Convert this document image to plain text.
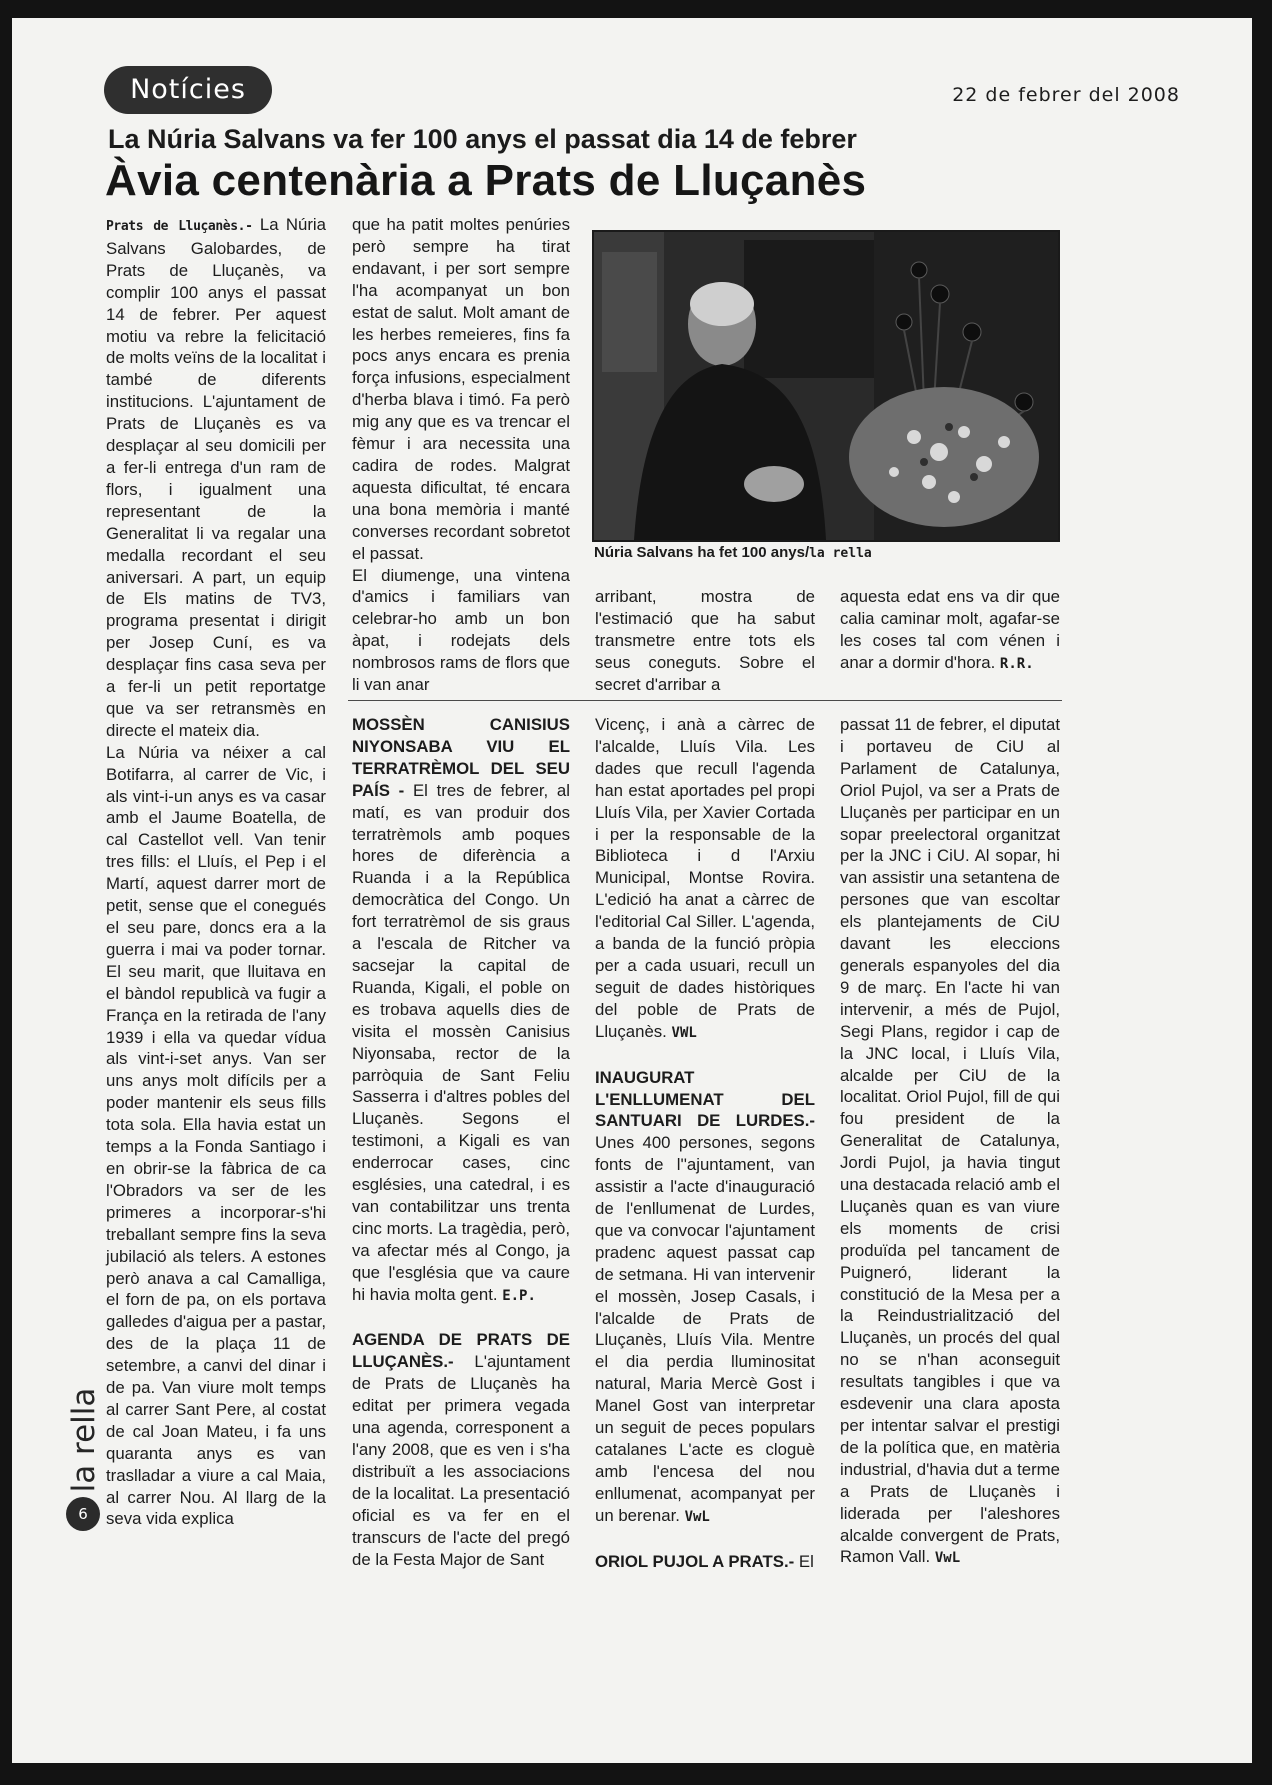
Notícies	22 de febrer del 2008
La Núria Salvans va fer 100 anys el passat dia 14 de febrer
Àvia centenària a Prats de Lluçanès

Prats de Lluçanès.- La Núria Salvans Galobardes, de Prats de Lluçanès, va complir 100 anys el passat 14 de febrer. Per aquest motiu va rebre la felicitació de molts veïns de la localitat i també de diferents institucions. L'ajuntament de Prats de Lluçanès es va desplaçar al seu domicili per a fer-li entrega d'un ram de flors, i igualment una representant de la Generalitat li va regalar una medalla recordant el seu aniversari. A part, un equip de Els matins de TV3, programa presentat i dirigit per Josep Cuní, es va desplaçar fins casa seva per a fer-li un petit reportatge que va ser retransmès en directe el mateix dia.

La Núria va néixer a cal Botifarra, al carrer de Vic, i als vint-i-un anys es va casar amb el Jaume Boatella, de cal Castellot vell. Van tenir tres fills: el Lluís, el Pep i el Martí, aquest darrer mort de petit, sense que el conegués el seu pare, doncs era a la guerra i mai va poder tornar. El seu marit, que lluitava en el bàndol republicà va fugir a França en la retirada de l'any 1939 i ella va quedar vídua als vint-i-set anys. Van ser uns anys molt difícils per a poder mantenir els seus fills tota sola. Ella havia estat un temps a la Fonda Santiago i en obrir-se la fàbrica de ca l'Obradors va ser de les primeres a incorporar-s'hi treballant sempre fins la seva jubilació als telers. A estones però anava a cal Camalliga, el forn de pa, on els portava galledes d'aigua per a pastar, des de la plaça 11 de setembre, a canvi del dinar i de pa. Van viure molt temps al carrer Sant Pere, al costat de cal Joan Mateu, i fa uns quaranta anys es van traslladar a viure a cal Maia, al carrer Nou. Al llarg de la seva vida explica

que ha patit moltes penúries però sempre ha tirat endavant, i per sort sempre l'ha acompanyat un bon estat de salut. Molt amant de les herbes remeieres, fins fa pocs anys encara es prenia força infusions, especialment d'herba blava i timó. Fa però mig any que es va trencar el fèmur i ara necessita una cadira de rodes. Malgrat aquesta dificultat, té encara una bona memòria i manté converses recordant sobretot el passat.

El diumenge, una vintena d'amics i familiars van celebrar-ho amb un bon àpat, i rodejats dels nombrosos rams de flors que li van anar

Núria Salvans ha fet 100 anys/la rella

arribant, mostra de l'estimació que ha sabut transmetre entre tots els seus coneguts. Sobre el secret d'arribar a

aquesta edat ens va dir que calia caminar molt, agafar-se les coses tal com vénen i anar a dormir d'hora. R.R.

MOSSÈN CANISIUS NIYONSABA VIU EL TERRATRÈMOL DEL SEU PAÍS - El tres de febrer, al matí, es van produir dos terratrèmols amb poques hores de diferència a Ruanda i a la República democràtica del Congo. Un fort terratrèmol de sis graus a l'escala de Ritcher va sacsejar la capital de Ruanda, Kigali, el poble on es trobava aquells dies de visita el mossèn Canisius Niyonsaba, rector de la parròquia de Sant Feliu Sasserra i d'altres pobles del Lluçanès. Segons el testimoni, a Kigali es van enderrocar cases, cinc esglésies, una catedral, i es van contabilitzar uns trenta cinc morts. La tragèdia, però, va afectar més al Congo, ja que l'església que va caure hi havia molta gent. E.P.

AGENDA DE PRATS DE LLUÇANÈS.- L'ajuntament de Prats de Lluçanès ha editat per primera vegada una agenda, corresponent a l'any 2008, que es ven i s'ha distribuït a les associacions de la localitat. La presentació oficial es va fer en el transcurs de l'acte del pregó de la Festa Major de Sant

Vicenç, i anà a càrrec de l'alcalde, Lluís Vila. Les dades que recull l'agenda han estat aportades pel propi Lluís Vila, per Xavier Cortada i per la responsable de la Biblioteca i d l'Arxiu Municipal, Montse Rovira. L'edició ha anat a càrrec de l'editorial Cal Siller. L'agenda, a banda de la funció pròpia per a cada usuari, recull un seguit de dades històriques del poble de Prats de Lluçanès. VWL

INAUGURAT L'ENLLUMENAT DEL SANTUARI DE LURDES.- Unes 400 persones, segons fonts de l''ajuntament, van assistir a l'acte d'inauguració de l'enllumenat de Lurdes, que va convocar l'ajuntament pradenc aquest passat cap de setmana. Hi van intervenir el mossèn, Josep Casals, i l'alcalde de Prats de Lluçanès, Lluís Vila. Mentre el dia perdia lluminositat natural, Maria Mercè Gost i Manel Gost van interpretar un seguit de peces populars catalanes L'acte es cloguè amb l'encesa del nou enllumenat, acompanyat per un berenar. VwL

ORIOL PUJOL A PRATS.- El

passat 11 de febrer, el diputat i portaveu de CiU al Parlament de Catalunya, Oriol Pujol, va ser a Prats de Lluçanès per participar en un sopar preelectoral organitzat per la JNC i CiU. Al sopar, hi van assistir una setantena de persones que van escoltar els plantejaments de CiU davant les eleccions generals espanyoles del dia 9 de març. En l'acte hi van intervenir, a més de Pujol, Segi Plans, regidor i cap de la JNC local, i Lluís Vila, alcalde per CiU de la localitat. Oriol Pujol, fill de qui fou president de la Generalitat de Catalunya, Jordi Pujol, ja havia tingut una destacada relació amb el Lluçanès quan es van viure els moments de crisi produïda pel tancament de Puigneró, liderant la constitució de la Mesa per a la Reindustrialització del Lluçanès, un procés del qual no se n'han aconseguit resultats tangibles i que va esdevenir una clara aposta per intentar salvar el prestigi de la política que, en matèria industrial, d'havia dut a terme a Prats de Lluçanès i liderada per l'aleshores alcalde convergent de Prats, Ramon Vall. VwL

la rella
6
